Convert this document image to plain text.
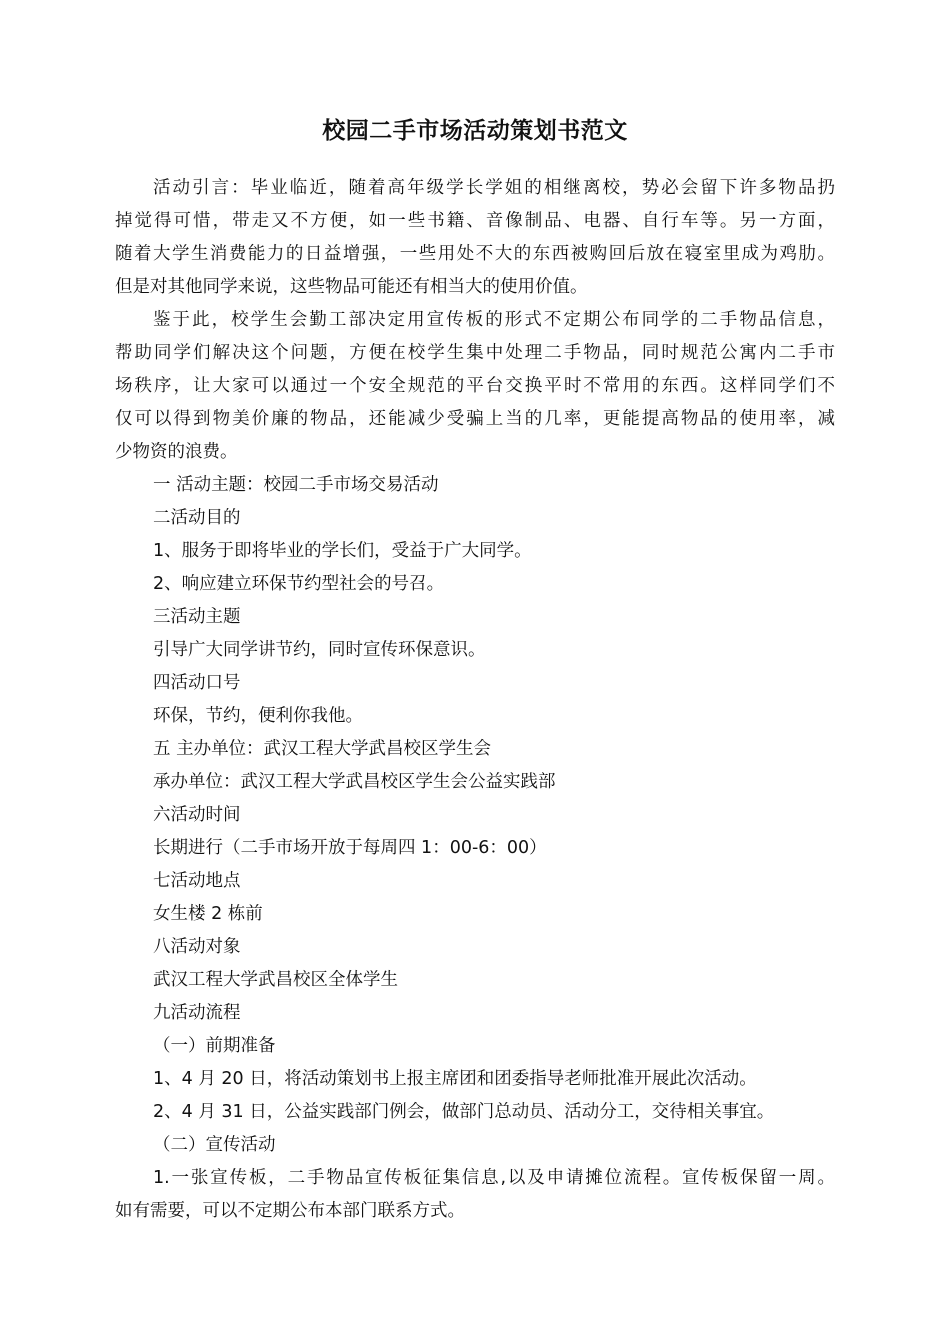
校园二手市场活动策划书范文
活动引言：毕业临近，随着高年级学长学姐的相继离校，势必会留下许多物品扔
掉觉得可惜，带走又不方便，如一些书籍、音像制品、电器、自行车等。另一方面，
随着大学生消费能力的日益增强，一些用处不大的东西被购回后放在寝室里成为鸡肋。
但是对其他同学来说，这些物品可能还有相当大的使用价值。
鉴于此，校学生会勤工部决定用宣传板的形式不定期公布同学的二手物品信息，
帮助同学们解决这个问题，方便在校学生集中处理二手物品，同时规范公寓内二手市
场秩序，让大家可以通过一个安全规范的平台交换平时不常用的东西。这样同学们不
仅可以得到物美价廉的物品，还能减少受骗上当的几率，更能提高物品的使用率，减
少物资的浪费。
一 活动主题：校园二手市场交易活动
二活动目的
1、服务于即将毕业的学长们，受益于广大同学。
2、响应建立环保节约型社会的号召。
三活动主题
引导广大同学讲节约，同时宣传环保意识。
四活动口号
环保，节约，便利你我他。
五 主办单位：武汉工程大学武昌校区学生会
承办单位：武汉工程大学武昌校区学生会公益实践部
六活动时间
长期进行（二手市场开放于每周四 1：00-6：00）
七活动地点
女生楼 2 栋前
八活动对象
武汉工程大学武昌校区全体学生
九活动流程
（一）前期准备
1、4 月 20 日，将活动策划书上报主席团和团委指导老师批准开展此次活动。
2、4 月 31 日，公益实践部门例会，做部门总动员、活动分工，交待相关事宜。
（二）宣传活动
1.一张宣传板，二手物品宣传板征集信息,以及申请摊位流程。宣传板保留一周。
如有需要，可以不定期公布本部门联系方式。
